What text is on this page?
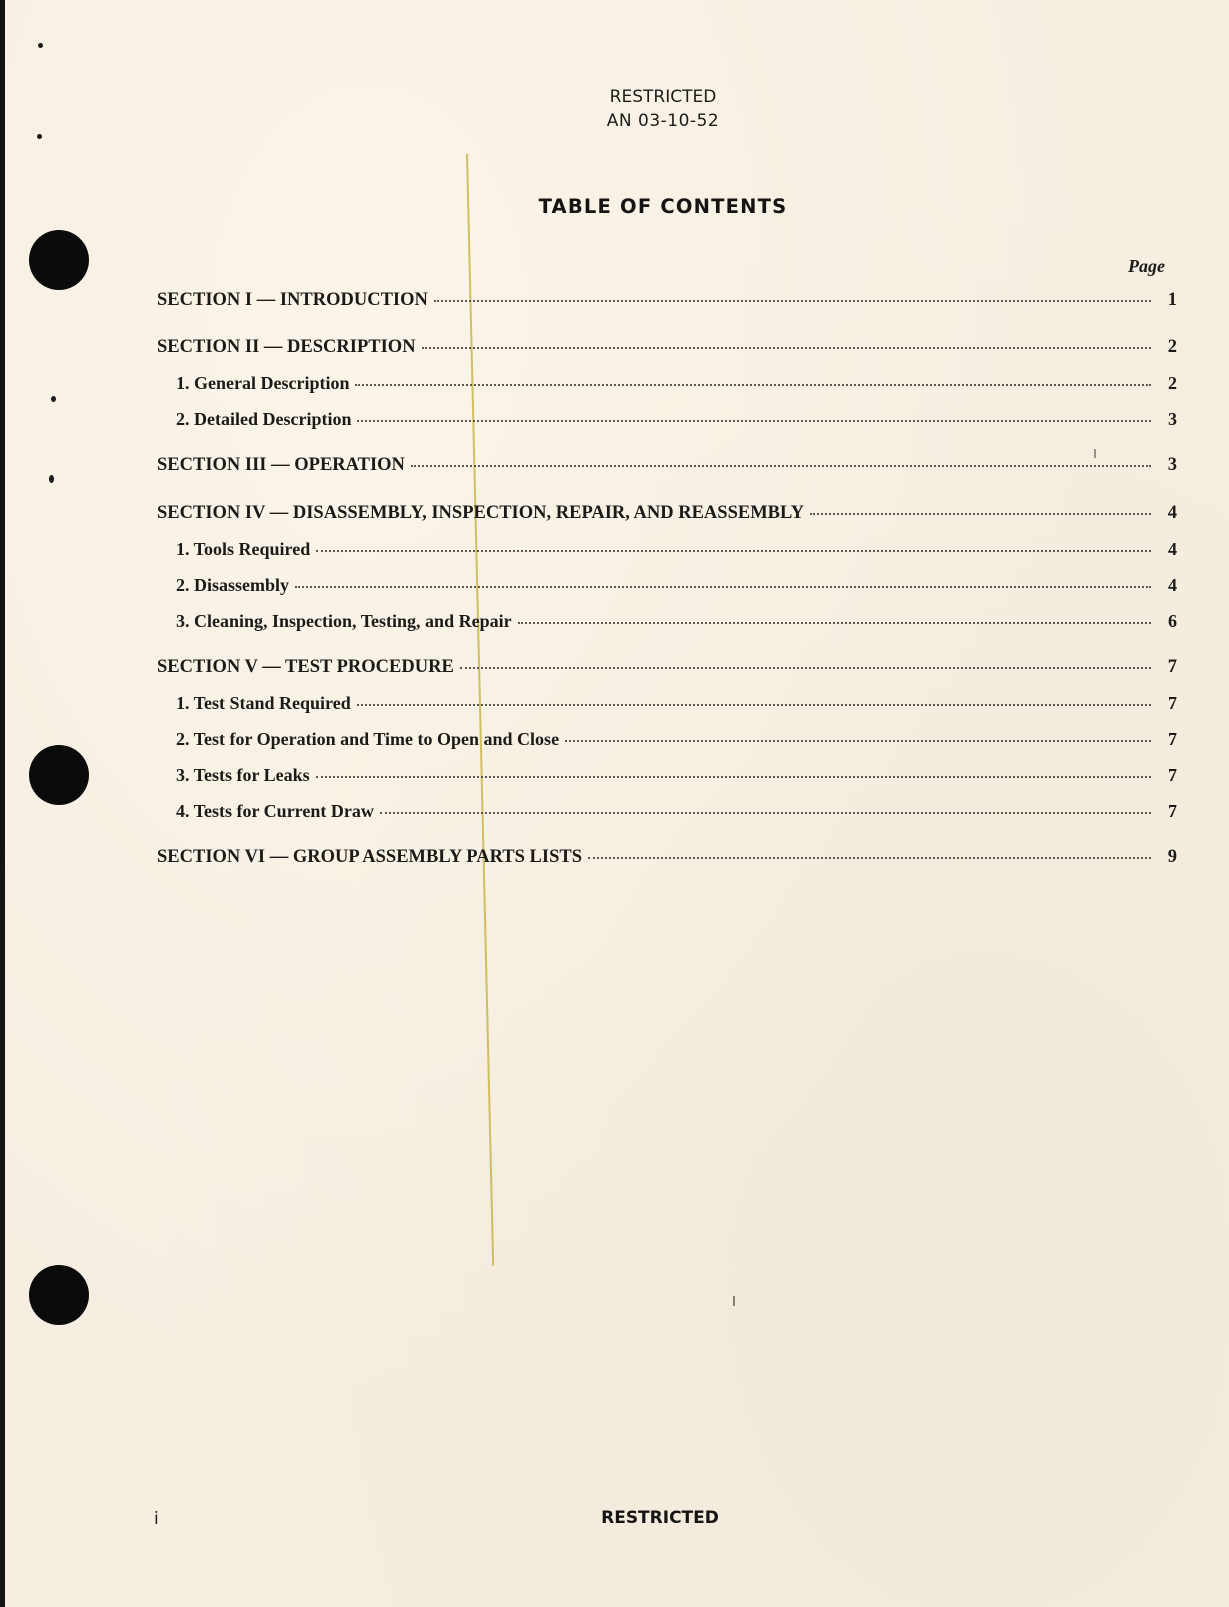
RESTRICTED
AN 03-10-52
TABLE OF CONTENTS
Page
SECTION I — INTRODUCTION	1
SECTION II — DESCRIPTION	2
1. General Description	2
2. Detailed Description	3
SECTION III — OPERATION	3
SECTION IV — DISASSEMBLY, INSPECTION, REPAIR, AND REASSEMBLY	4
1. Tools Required	4
2. Disassembly	4
3. Cleaning, Inspection, Testing, and Repair	6
SECTION V — TEST PROCEDURE	7
1. Test Stand Required	7
2. Test for Operation and Time to Open and Close	7
3. Tests for Leaks	7
4. Tests for Current Draw	7
SECTION VI — GROUP ASSEMBLY PARTS LISTS	9
i	RESTRICTED
